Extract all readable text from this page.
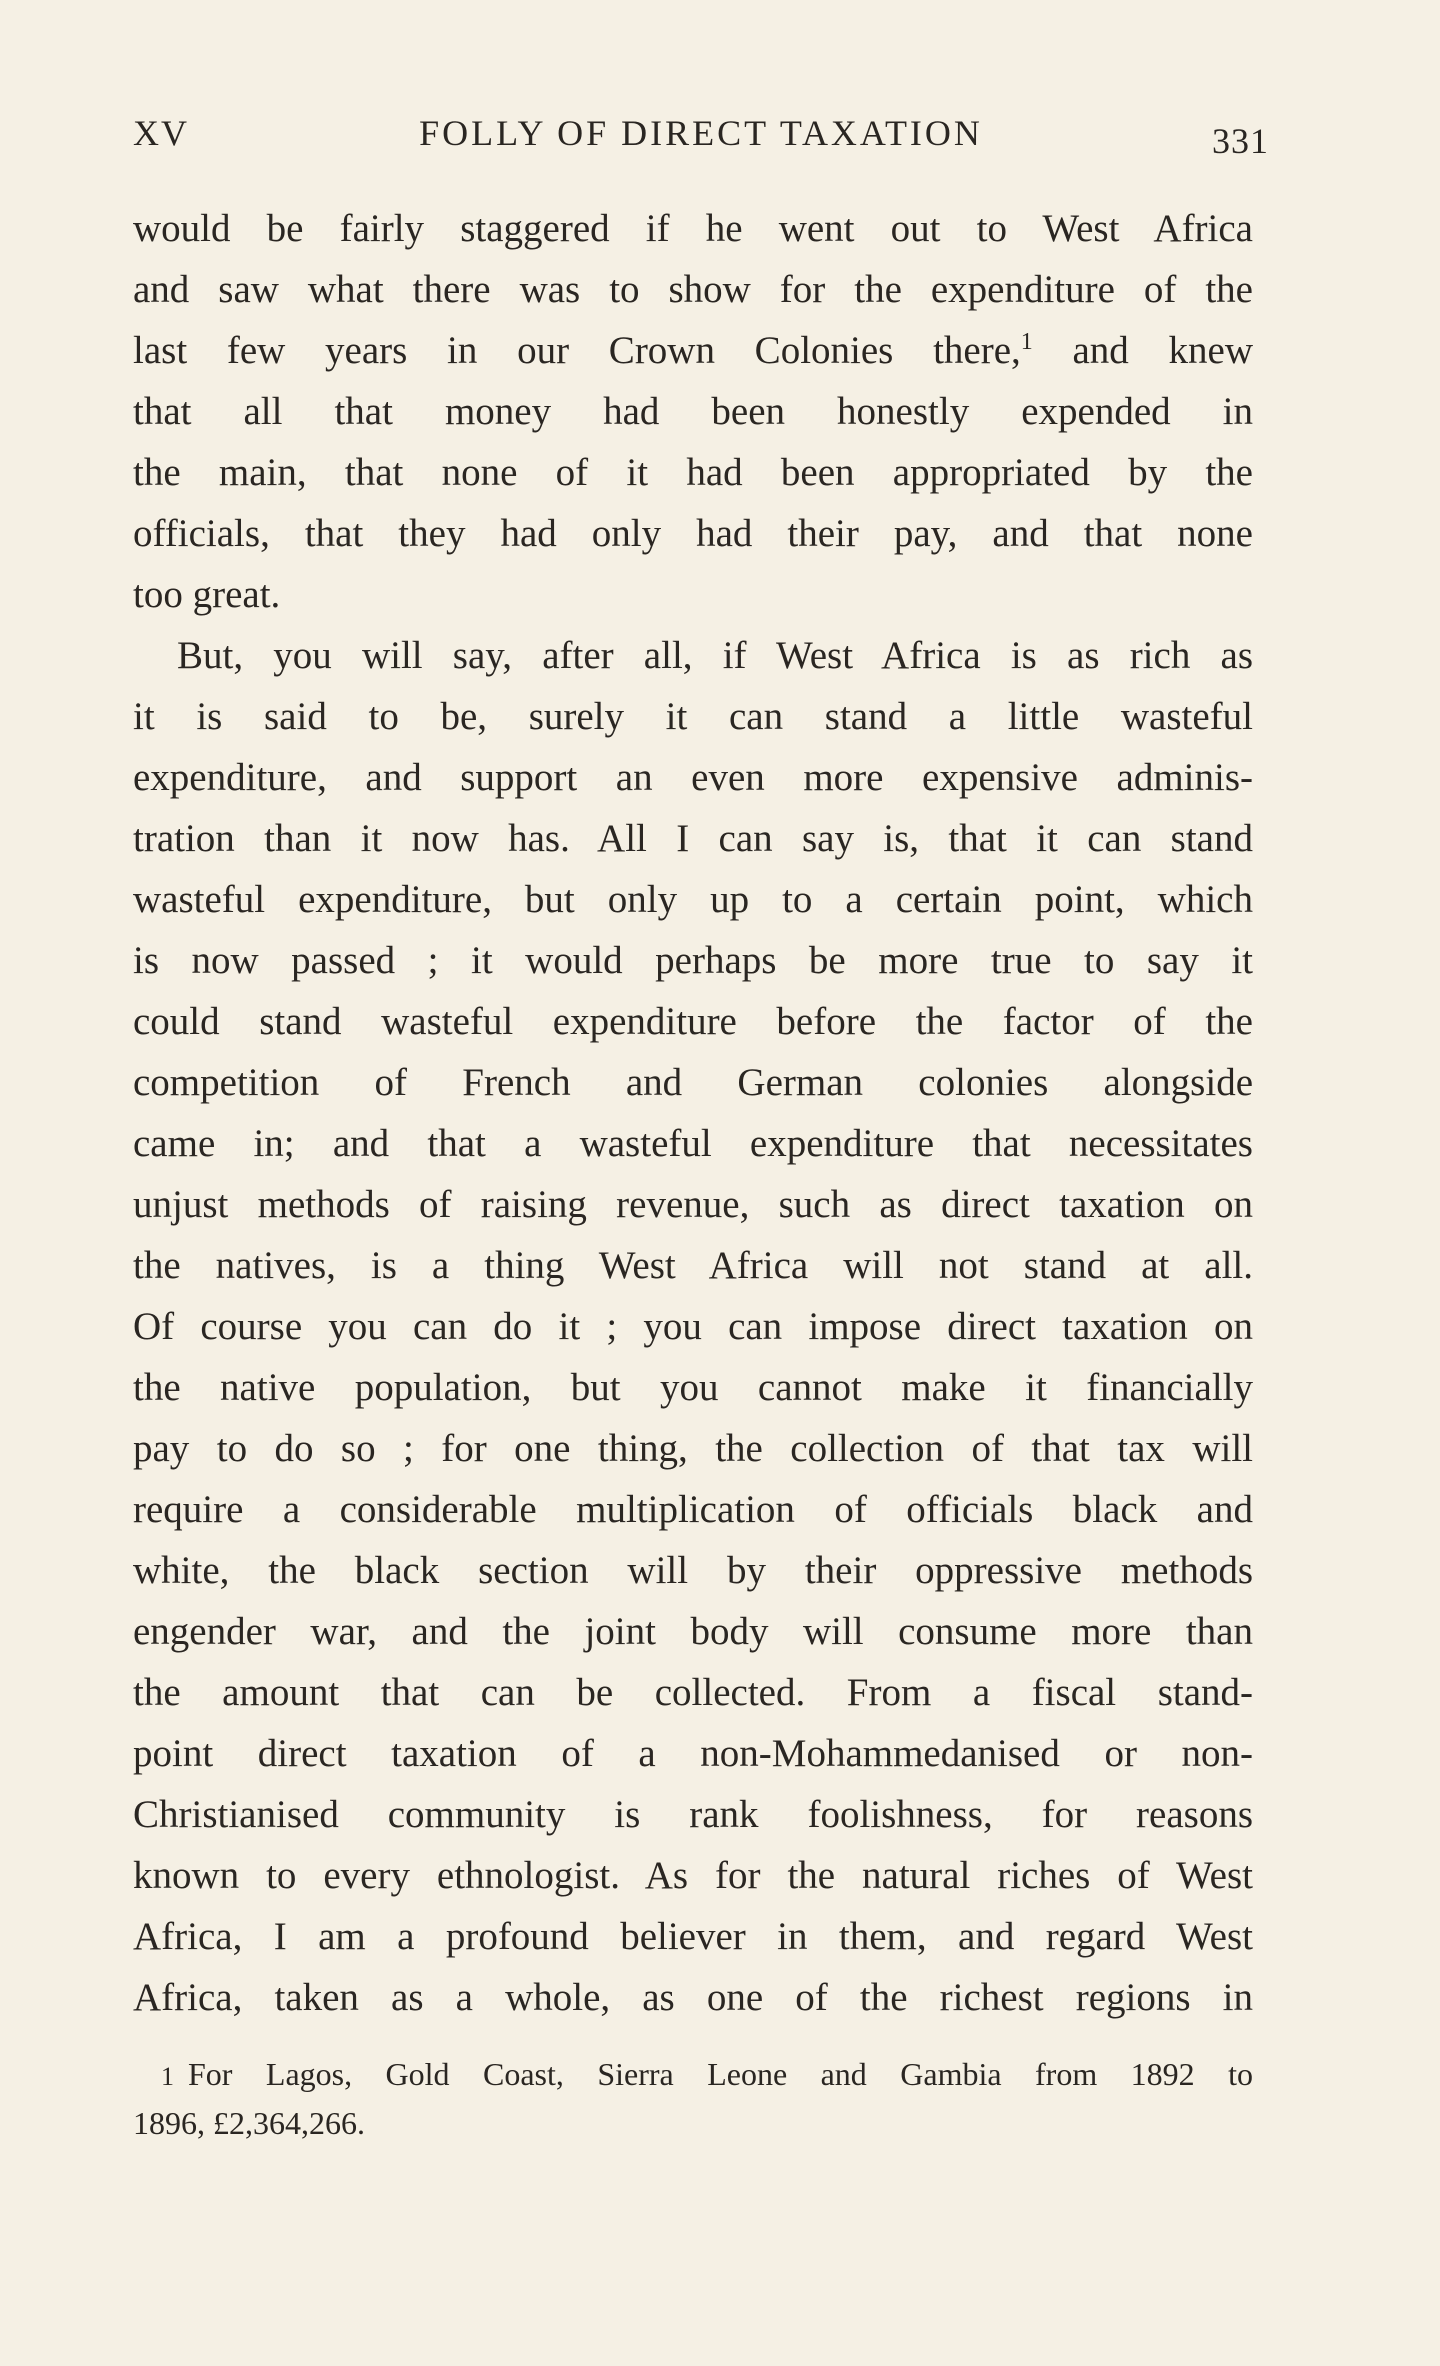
XV	FOLLY OF DIRECT TAXATION	331
would be fairly staggered if he went out to West Africa
and saw what there was to show for the expenditure of the
last few years in our Crown Colonies there,$^1$ and knew
that all that money had been honestly expended in
the main, that none of it had been appropriated by the
officials, that they had only had their pay, and that none
too great.
But, you will say, after all, if West Africa is as rich as
it is said to be, surely it can stand a little wasteful
expenditure, and support an even more expensive adminis-
tration than it now has. All I can say is, that it can stand
wasteful expenditure, but only up to a certain point, which
is now passed ; it would perhaps be more true to say it
could stand wasteful expenditure before the factor of the
competition of French and German colonies alongside
came in; and that a wasteful expenditure that necessitates
unjust methods of raising revenue, such as direct taxation on
the natives, is a thing West Africa will not stand at all.
Of course you can do it ; you can impose direct taxation on
the native population, but you cannot make it financially
pay to do so ; for one thing, the collection of that tax will
require a considerable multiplication of officials black and
white, the black section will by their oppressive methods
engender war, and the joint body will consume more than
the amount that can be collected. From a fiscal stand-
point direct taxation of a non-Mohammedanised or non-
Christianised community is rank foolishness, for reasons
known to every ethnologist. As for the natural riches of West
Africa, I am a profound believer in them, and regard West
Africa, taken as a whole, as one of the richest regions in
1 For Lagos, Gold Coast, Sierra Leone and Gambia from 1892 to
1896, £2,364,266.
